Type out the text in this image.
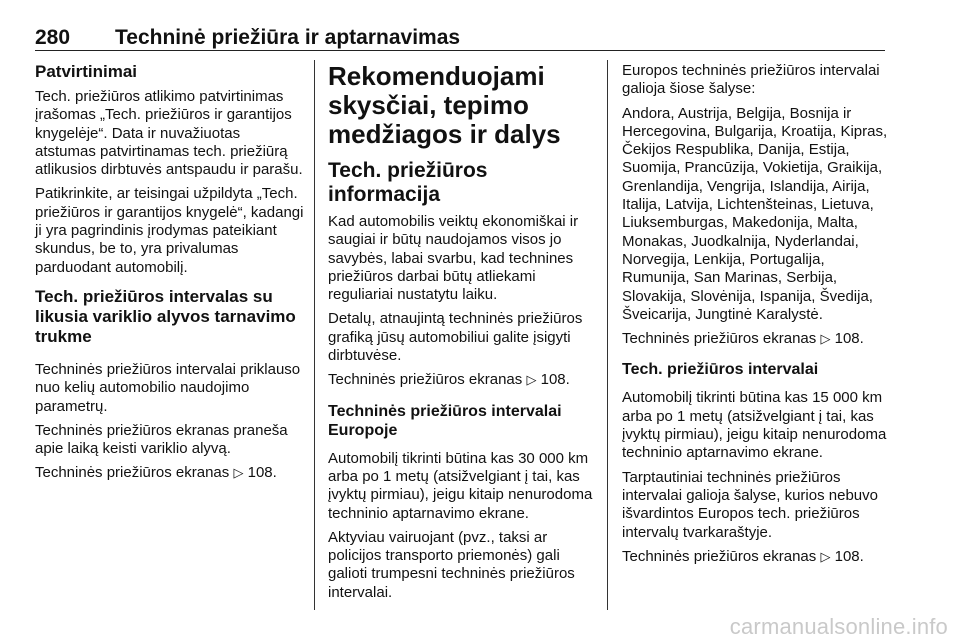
280 Techninė priežiūra ir aptarnavimas
Patvirtinimai

Tech. priežiūros atlikimo patvirtinimas įrašomas „Tech. priežiūros ir garantijos knygelėje“. Data ir nuvažiuotas atstumas patvirtinamas tech. priežiūrą atlikusios dirbtuvės antspaudu ir parašu.

Patikrinkite, ar teisingai užpildyta „Tech. priežiūros ir garantijos knygelė“, kadangi ji yra pagrindinis įrodymas pateikiant skundus, be to, yra privalumas parduodant automobilį.

Tech. priežiūros intervalas su likusia variklio alyvos tarnavimo trukme

Techninės priežiūros intervalai priklauso nuo kelių automobilio naudojimo parametrų.

Techninės priežiūros ekranas praneša apie laiką keisti variklio alyvą.

Techninės priežiūros ekranas ▷ 108.

Rekomenduojami skysčiai, tepimo medžiagos ir dalys
Tech. priežiūros informacija

Kad automobilis veiktų ekonomiškai ir saugiai ir būtų naudojamos visos jo savybės, labai svarbu, kad technines priežiūros darbai būtų atliekami reguliariai nustatytu laiku.

Detalų, atnaujintą techninės priežiūros grafiką jūsų automobiliui galite įsigyti dirbtuvėse.

Techninės priežiūros ekranas ▷ 108.

Techninės priežiūros intervalai Europoje

Automobilį tikrinti būtina kas 30 000 km arba po 1 metų (atsižvelgiant į tai, kas įvyktų pirmiau), jeigu kitaip nenurodoma techninio aptarnavimo ekrane.

Aktyviau vairuojant (pvz., taksi ar policijos transporto priemonės) gali galioti trumpesni techninės priežiūros intervalai.

Europos techninės priežiūros intervalai galioja šiose šalyse:

Andora, Austrija, Belgija, Bosnija ir Hercegovina, Bulgarija, Kroatija, Kipras, Čekijos Respublika, Danija, Estija, Suomija, Prancūzija, Vokietija, Graikija, Grenlandija, Vengrija, Islandija, Airija, Italija, Latvija, Lichtenšteinas, Lietuva, Liuksemburgas, Makedonija, Malta, Monakas, Juodkalnija, Nyderlandai, Norvegija, Lenkija, Portugalija, Rumunija, San Marinas, Serbija, Slovakija, Slovėnija, Ispanija, Švedija, Šveicarija, Jungtinė Karalystė.

Techninės priežiūros ekranas ▷ 108.

Tech. priežiūros intervalai

Automobilį tikrinti būtina kas 15 000 km arba po 1 metų (atsižvelgiant į tai, kas įvyktų pirmiau), jeigu kitaip nenurodoma techninio aptarnavimo ekrane.

Tarptautiniai techninės priežiūros intervalai galioja šalyse, kurios nebuvo išvardintos Europos tech. priežiūros intervalų tvarkaraštyje.

Techninės priežiūros ekranas ▷ 108.

carmanualsonline.info
